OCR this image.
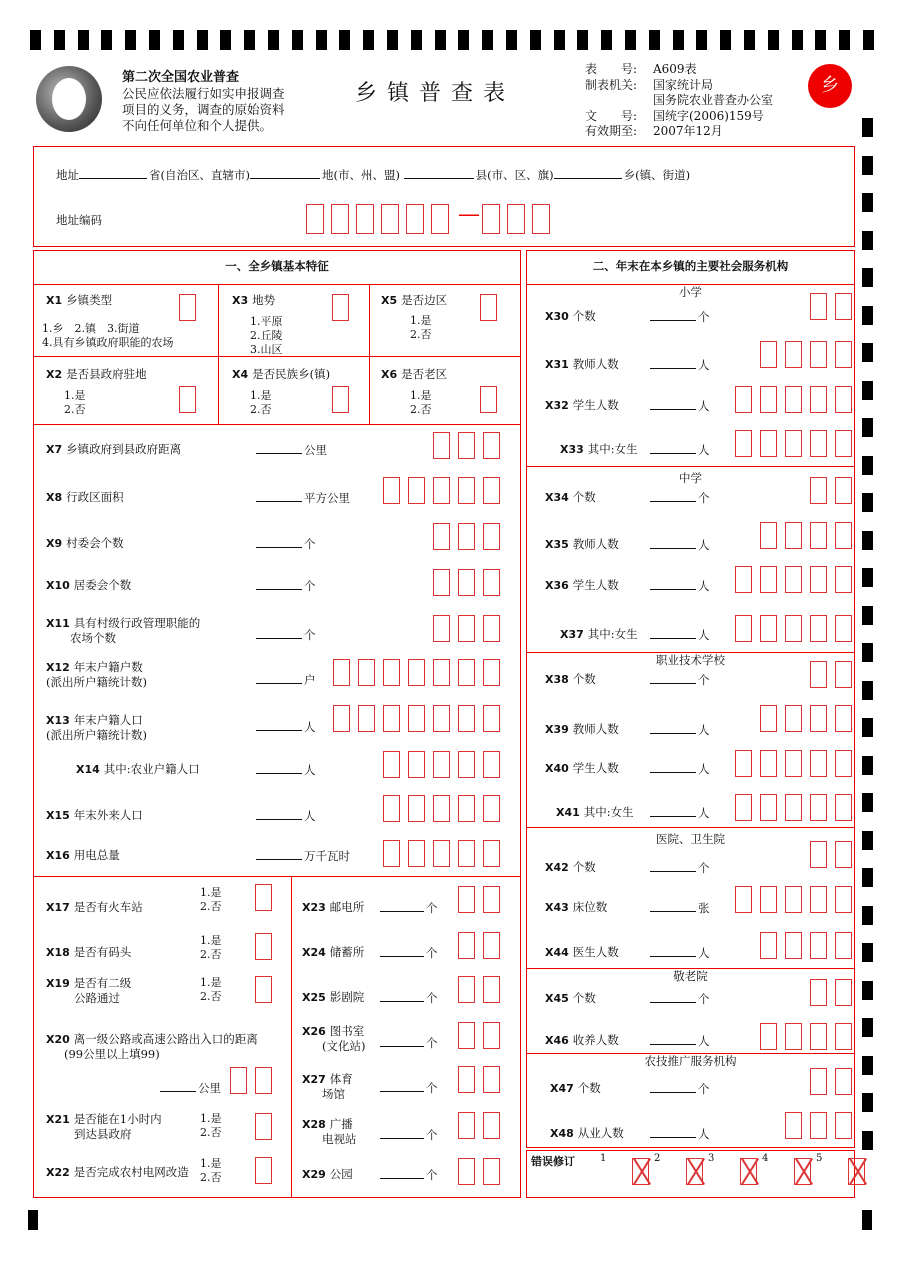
第二次全国农业普查
公民应依法履行如实申报调查
项目的义务，调查的原始资料
不向任何单位和个人提供。
乡镇普查表
表　　号: A609表
制表机关: 国家统计局
国务院农业普查办公室
文　　号: 国统字(2006)159号
有效期至: 2007年12月
乡
地址	省(自治区、直辖市)	地(市、州、盟)	县(市、区、旗)	乡(镇、街道)
地址编码	—
一、全乡镇基本特征	二、年末在本乡镇的主要社会服务机构
X1 乡镇类型
1.乡　2.镇　3.街道
4.具有乡镇政府职能的农场
X3 地势
1.平原
2.丘陵
3.山区
X5 是否边区
1.是
2.否
X2 是否县政府驻地
1.是
2.否
X4 是否民族乡(镇)
1.是
2.否
X6 是否老区
1.是
2.否
X7 乡镇政府到县政府距离	公里
X8 行政区面积	平方公里
X9 村委会个数	个
X10 居委会个数	个
X11 具有村级行政管理职能的
农场个数	个
X12 年末户籍户数
(派出所户籍统计数)	户
X13 年末户籍人口
(派出所户籍统计数)
人
X14 其中:农业户籍人口	人
X15 年末外来人口	人
X16 用电总量	万千瓦时
X17 是否有火车站
1.是
2.否
X18 是否有码头
1.是
2.否
X19 是否有二级
公路通过
1.是
2.否
X20 离一级公路或高速公路出入口的距离
(99公里以上填99)
公里
X21 是否能在1小时内
到达县政府
1.是
2.否
X22 是否完成农村电网改造
1.是
2.否
X23 邮电所	个
X24 储蓄所	个
X25 影剧院	个
X26 图书室
(文化站)	个
X27 体育
场馆	个
X28 广播
电视站	个
X29 公园	个
小学
中学
职业技术学校
医院、卫生院
敬老院
农技推广服务机构
X30 个数	个
X31 教师人数	人
X32 学生人数	人
X33 其中:女生	人
X34 个数	个
X35 教师人数	人
X36 学生人数	人
X37 其中:女生	人
X38 个数	个
X39 教师人数	人
X40 学生人数	人
X41 其中:女生	人
X42 个数	个
X43 床位数	张
X44 医生人数	人
X45 个数	个
X46 收养人数	人
X47 个数	个
X48 从业人数	人
错误修订	1	2	3	4	5
